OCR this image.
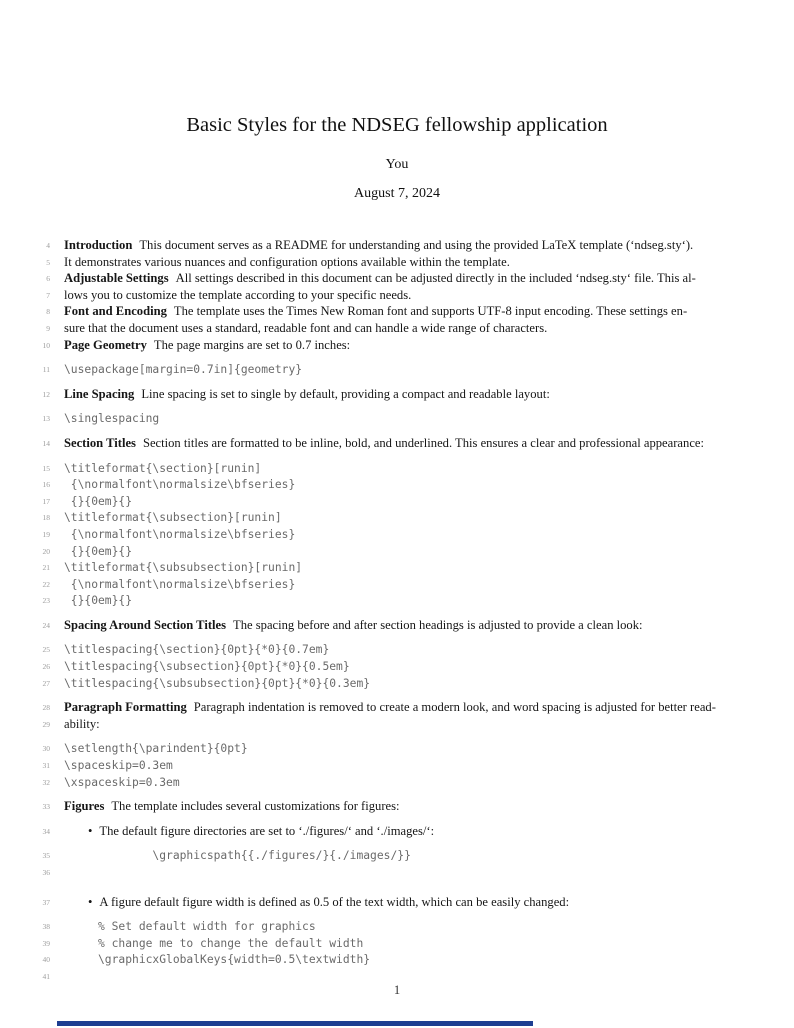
Basic Styles for the NDSEG fellowship application
You
August 7, 2024
4 Introduction This document serves as a README for understanding and using the provided LaTeX template (‘ndseg.sty‘).
5 It demonstrates various nuances and configuration options available within the template.
6 Adjustable Settings All settings described in this document can be adjusted directly in the included ‘ndseg.sty‘ file. This al-
7 lows you to customize the template according to your specific needs.
8 Font and Encoding The template uses the Times New Roman font and supports UTF-8 input encoding. These settings en-
9 sure that the document uses a standard, readable font and can handle a wide range of characters.
10 Page Geometry The page margins are set to 0.7 inches:
11 \usepackage[margin=0.7in]{geometry}
12 Line Spacing Line spacing is set to single by default, providing a compact and readable layout:
13 \singlespacing
14 Section Titles Section titles are formatted to be inline, bold, and underlined. This ensures a clear and professional appearance:
15 \titleformat{\section}[runin]
16 {\normalfont\normalsize\bfseries}
17 {}{0em}{}
18 \titleformat{\subsection}[runin]
19 {\normalfont\normalsize\bfseries}
20 {}{0em}{}
21 \titleformat{\subsubsection}[runin]
22 {\normalfont\normalsize\bfseries}
23 {}{0em}{}
24 Spacing Around Section Titles The spacing before and after section headings is adjusted to provide a clean look:
25 \titlespacing{\section}{0pt}{*0}{0.7em}
26 \titlespacing{\subsection}{0pt}{*0}{0.5em}
27 \titlespacing{\subsubsection}{0pt}{*0}{0.3em}
28 Paragraph Formatting Paragraph indentation is removed to create a modern look, and word spacing is adjusted for better read-
29 ability:
30 \setlength{\parindent}{0pt}
31 \spaceskip=0.3em
32 \xspaceskip=0.3em
33 Figures The template includes several customizations for figures:
34	• The default figure directories are set to ‘./figures/‘ and ‘./images/‘:
35 \graphicspath{{./figures/}{./images/}}
36
37	• A figure default figure width is defined as 0.5 of the text width, which can be easily changed:
38 % Set default width for graphics
39 % change me to change the default width
40 \graphicxGlobalKeys{width=0.5\textwidth}
41
1
